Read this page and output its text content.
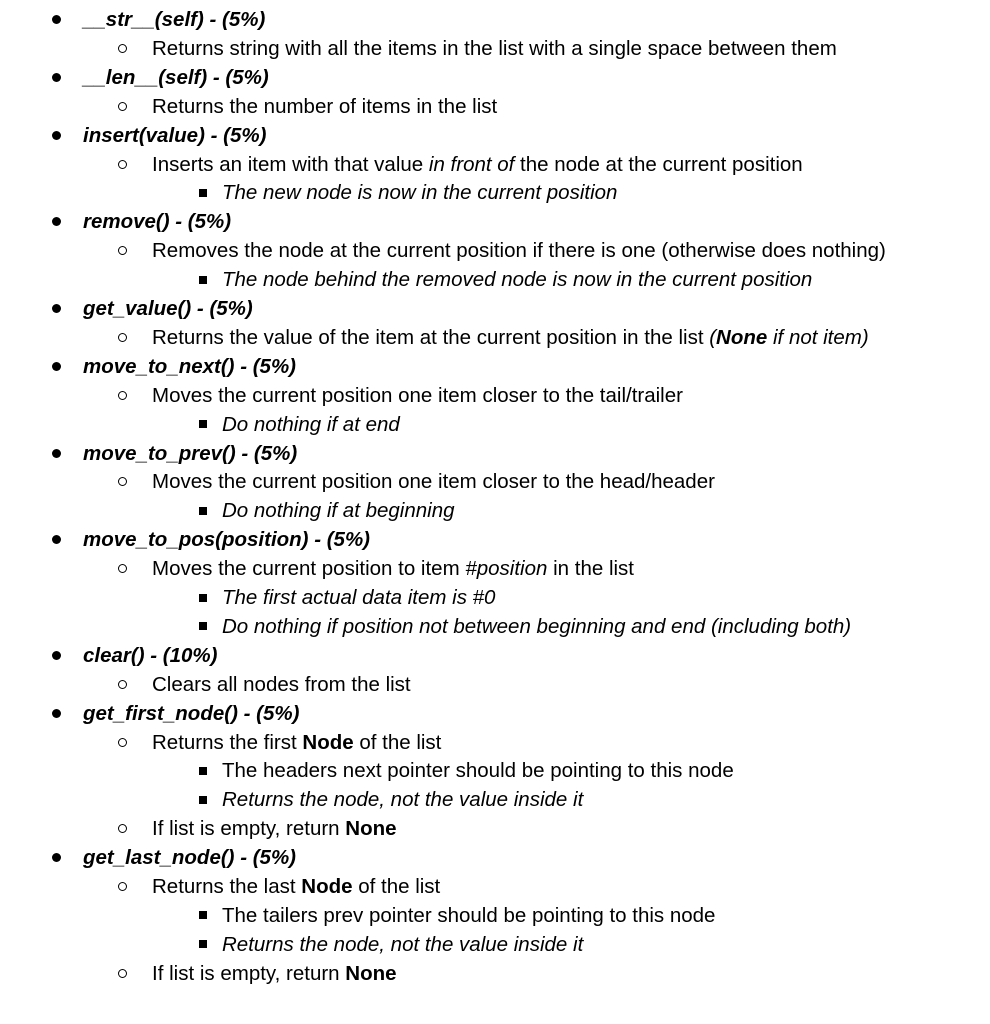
__str__(self) - (5%)
Returns string with all the items in the list with a single space between them
__len__(self) - (5%)
Returns the number of items in the list
insert(value) - (5%)
Inserts an item with that value in front of the node at the current position
The new node is now in the current position
remove() - (5%)
Removes the node at the current position if there is one (otherwise does nothing)
The node behind the removed node is now in the current position
get_value() - (5%)
Returns the value of the item at the current position in the list (None if not item)
move_to_next() - (5%)
Moves the current position one item closer to the tail/trailer
Do nothing if at end
move_to_prev() - (5%)
Moves the current position one item closer to the head/header
Do nothing if at beginning
move_to_pos(position) - (5%)
Moves the current position to item #position in the list
The first actual data item is #0
Do nothing if position not between beginning and end (including both)
clear() - (10%)
Clears all nodes from the list
get_first_node() - (5%)
Returns the first Node of the list
The headers next pointer should be pointing to this node
Returns the node, not the value inside it
If list is empty, return None
get_last_node() - (5%)
Returns the last Node of the list
The tailers prev pointer should be pointing to this node
Returns the node, not the value inside it
If list is empty, return None
